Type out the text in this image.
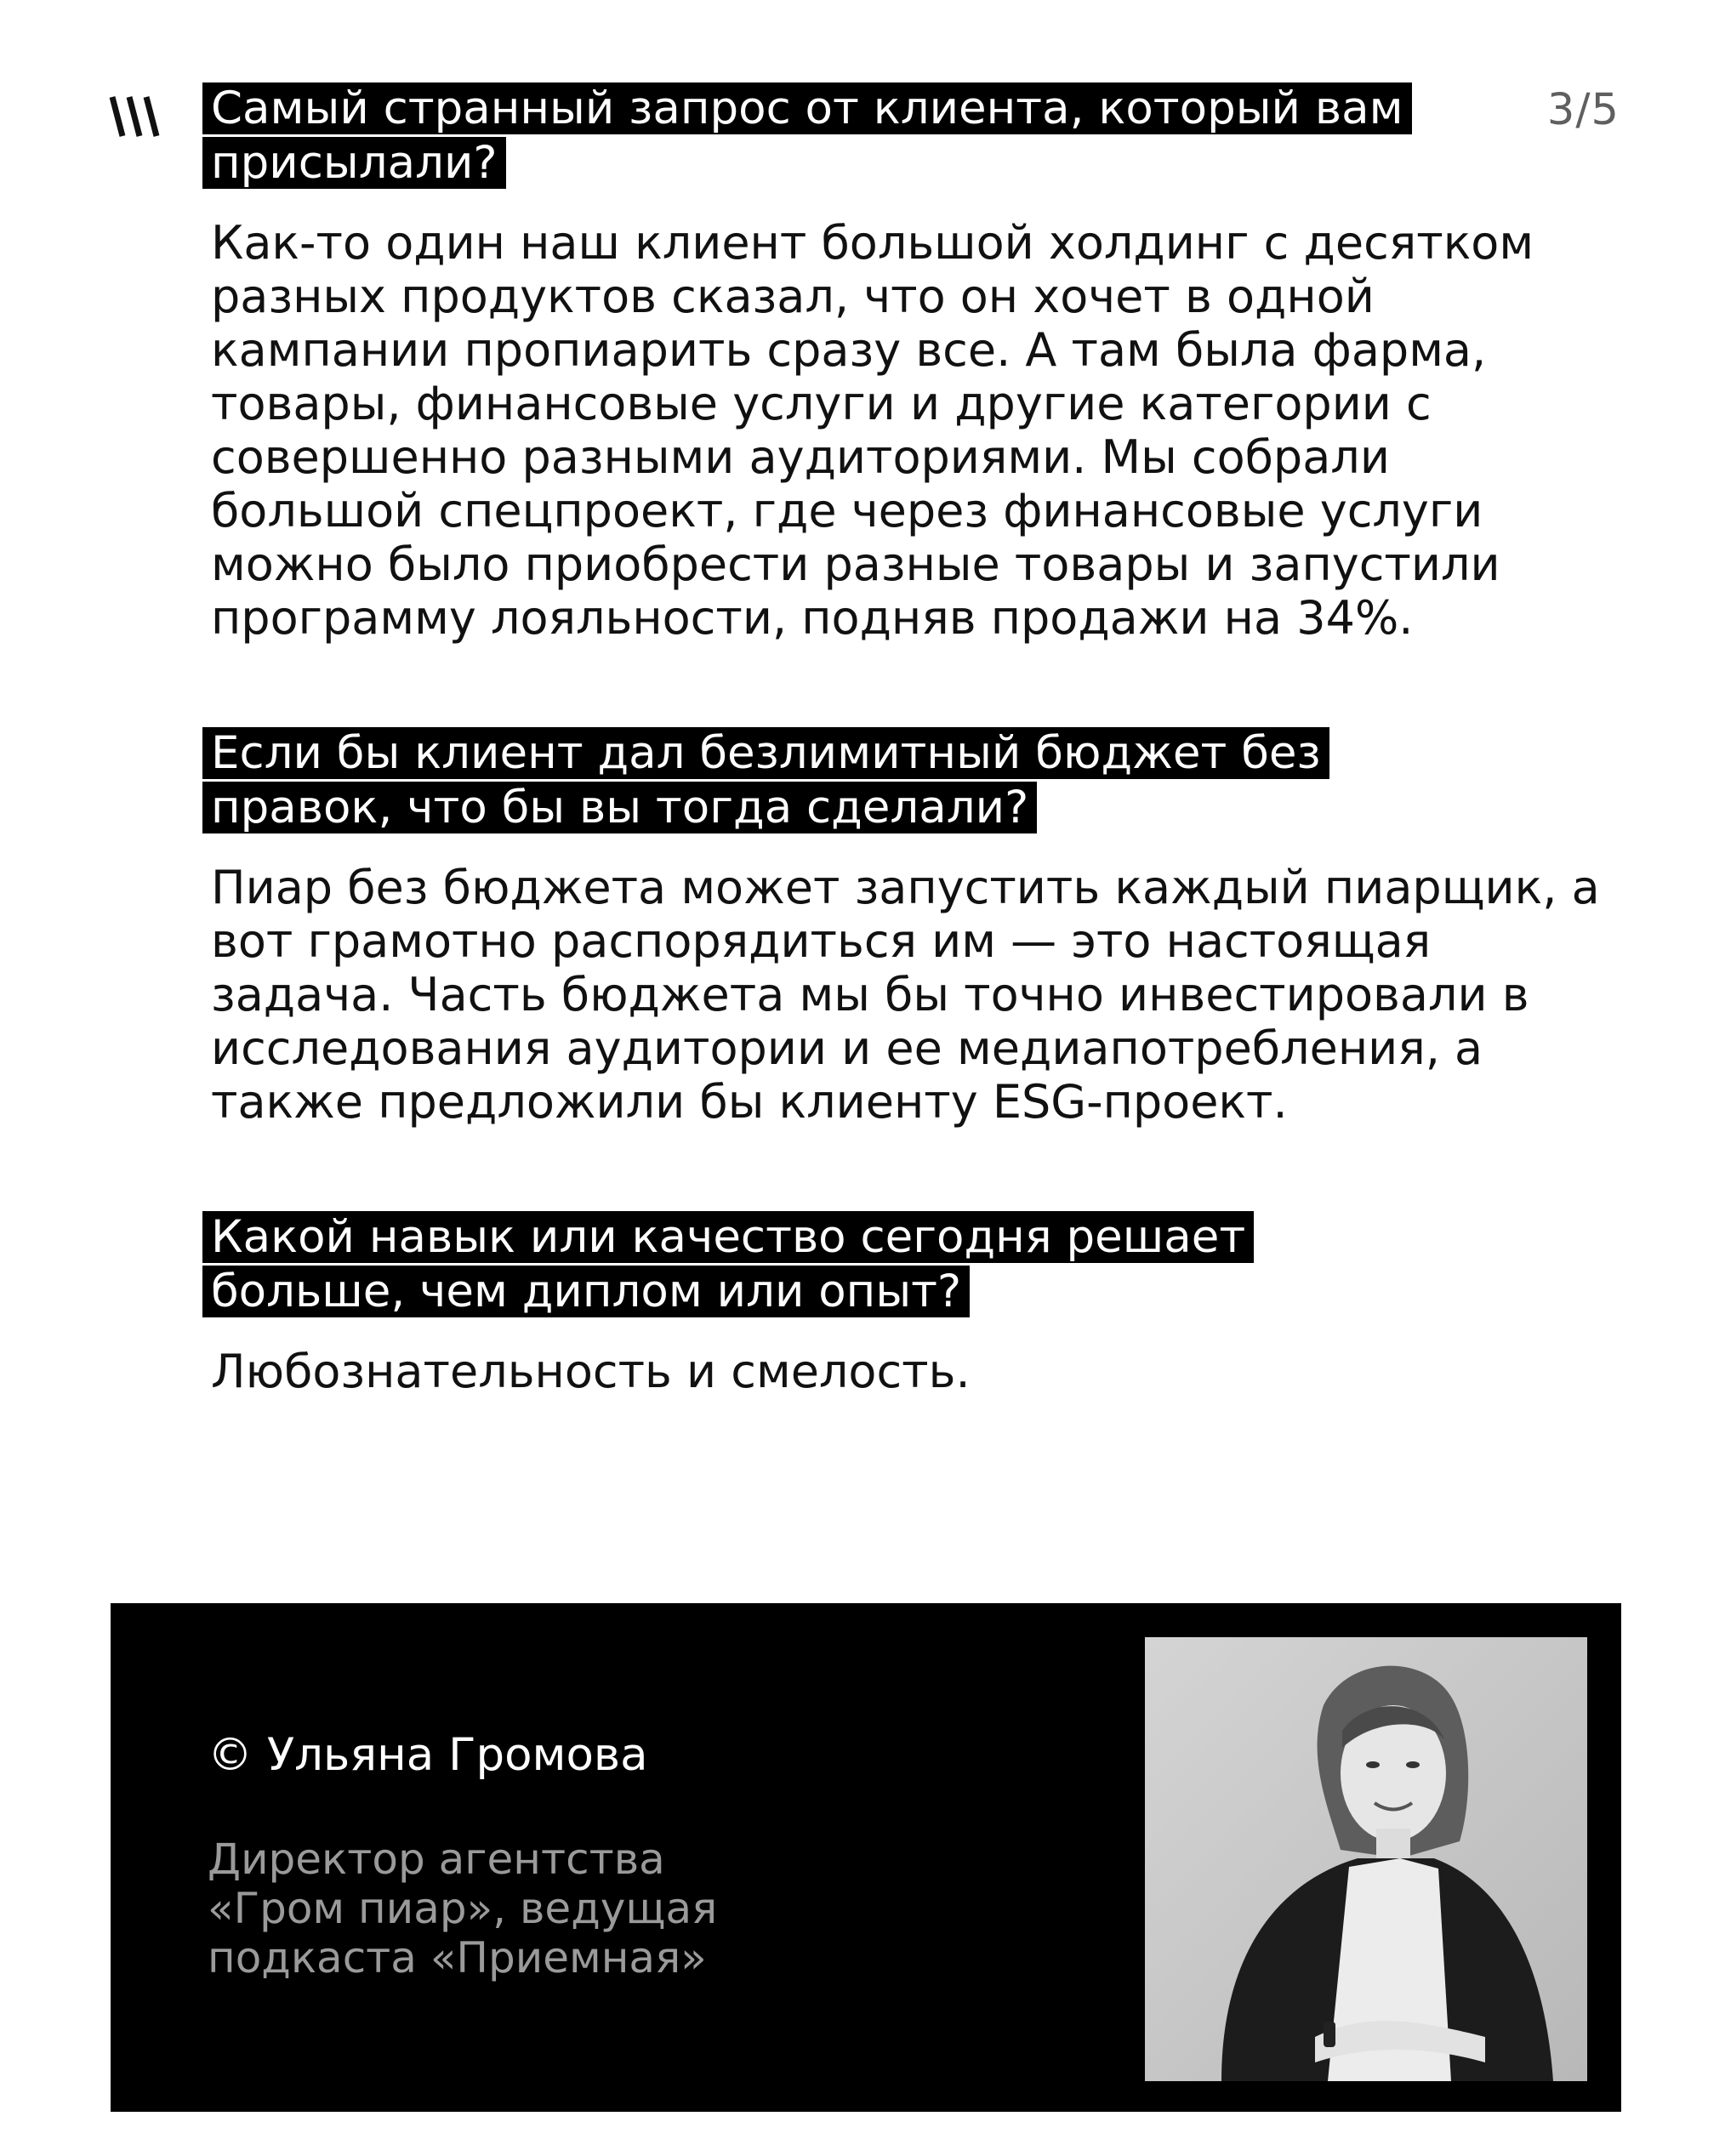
3/5
Самый странный запрос от клиента, который вам присылали?

Как-то один наш клиент большой холдинг с десятком разных продуктов сказал, что он хочет в одной кампании пропиарить сразу все. А там была фарма, товары, финансовые услуги и другие категории с совершенно разными аудиториями. Мы собрали большой спецпроект, где через финансовые услуги можно было приобрести разные товары и запустили программу лояльности, подняв продажи на 34%.

Если бы клиент дал безлимитный бюджет без правок, что бы вы тогда сделали?

Пиар без бюджета может запустить каждый пиарщик, а вот грамотно распорядиться им — это настоящая задача. Часть бюджета мы бы точно инвестировали в исследования аудитории и ее медиапотребления, а также предложили бы клиенту ESG-проект.

Какой навык или качество сегодня решает больше, чем диплом или опыт?

Любознательность и смелость.

© Ульяна Громова
Директор агентства «Гром пиар», ведущая подкаста «Приемная»
